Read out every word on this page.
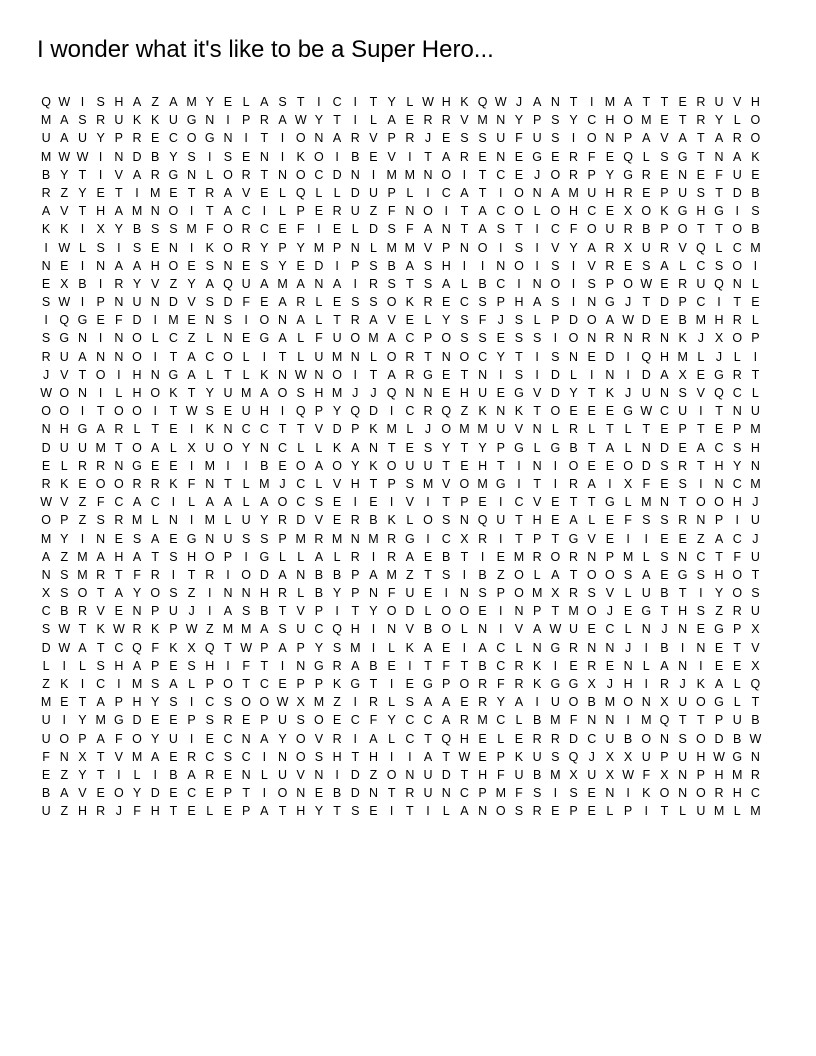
I wonder what it's like to be a Super Hero...
Q W I S H A Z A M Y E L A S T	I C I	T Y L W H K Q W J A N T	I M A T T E R U V H
M A S R U K K U G N I P R A W Y T	I	L A E R R V M N Y P S Y C H O M E T R Y L O
U A U Y P R E C O G N I	T	I O N A R V P R J E S S U F U S I O N P A V A T A R O
M W W I N D B Y S I S E N I K O I B E V I	T A R E N E G E R F E Q L S G T N A K
B Y T	I V A R G N L O R T N O C D N I M M N O I	T C E J O R P Y G R E N E F U E
R Z Y E T	I M E T R A V E L Q L L D U P L	I C A T	I O N A M U H R E P U S T D B
A V T H A M N O I	T A C I	L P E R U Z F N O I	T A C O L O H C E X O K G H G I S
K K I X Y B S S M F O R C E F	I E L D S F A N T A S T	I C F O U R B P O T T O B
I W L S I S E N I K O R Y P Y M P N L M M V P N O I S I V Y A R X U R V Q L C M
N E I N A A H O E S N E S Y E D I P S B A S H I	I N O I S I V R E S A L C S O I
E X B I R Y V Z Y A Q U A M A N A I R S T S A L B C I N O I S P O W E R U Q N L
S W I P N U N D V S D F E A R L E S S O K R E C S P H A S I N G J T D P C I	T E
I Q G E F D I M E N S I O N A L T R A V E L Y S F J S L P D O A W D E B M H R L
S G N I N O L C Z L N E G A L F U O M A C P O S S E S S I O N R N R N K J X O P
R U A N N O I	T A C O L	I	T L U M N L O R T N O C Y T	I S N E D I Q H M L J L	I
J V T O I H N G A L T L K N W N O I	T A R G E T N I S I D L	I N I D A X E G R T
W O N I	L H O K T Y U M A O S H M J J Q N N E H U E G V D Y T K J U N S V Q C L
O O I	T O O I	T W S E U H I Q P Y Q D I C R Q Z K N K T O E E E G W C U I	T N U
N H G A R L T E I K N C C T T V D P K M L J O M M U V N L R L T L T E P T E P M
D U U M T O A L X U O Y N C L L K A N T E S Y T Y P G L G B T A L N D E A C S H
E L R R N G E E I M I	I B E O A O Y K O U U T E H T	I N I O E E O D S R T H Y N
R K E O O R R K F N T L M J C L V H T P S M V O M G I	T	I R A I X F E S I N C M
W V Z F C A C I	L A A L A O C S E I E I V I	T P E I C V E T T G L M N T O O H J
O P Z S R M L N I M L U Y R D V E R B K L O S N Q U T H E A L E F S S R N P I U
M Y I N E S A E G N U S S P M R M N M R G I C X R I	T P T G V E I	I E E Z A C J
A Z M A H A T S H O P I G L L A L R I R A E B T	I E M R O R N P M L S N C T F U
N S M R T F R I	T R I O D A N B B P A M Z T S I B Z O L A T O O S A E G S H O T
X S O T A Y O S Z	I N N H R L B Y P N F U E I N S P O M X R S V L U B T	I Y O S
C B R V E N P U J	I A S B T V P I	T Y O D L O O E I N P T M O J E G T H S Z R U
S W T K W R K P W Z M M A S U C Q H I N V B O L N I V A W U E C L N J N E G P X
D W A T C Q F K X Q T W P A P Y S M I	L K A E I A C L N G R N N J	I B I N E T V
L	I	L S H A P E S H I	F T	I N G R A B E I	T F T B C R K I E R E N L A N I E E X
Z K I C I M S A L P O T C E P P K G T	I E G P O R F R K G G X J H I R J K A L Q
M E T A P H Y S I C S O O W X M Z	I R L S A A E R Y A I U O B M O N X U O G L T
U I Y M G D E E P S R E P U S O E C F Y C C A R M C L B M F N N I M Q T T P U B
U O P A F O Y U I E C N A Y O V R I A L C T Q H E L E R R D C U B O N S O D B W
F N X T V M A E R C S C I N O S H T H I	I A T W E P K U S Q J X X U P U H W G N
E Z Y T	I	L	I B A R E N L U V N I D Z O N U D T H F U B M X U X W F X N P H M R
B A V E O Y D E C E P T	I O N E B D N T R U N C P M F S I S E N I K O N O R H C
U Z H R J F H T E L E P A T H Y T S E I	T	I	L A N O S R E P E L P I	T L U M L M
